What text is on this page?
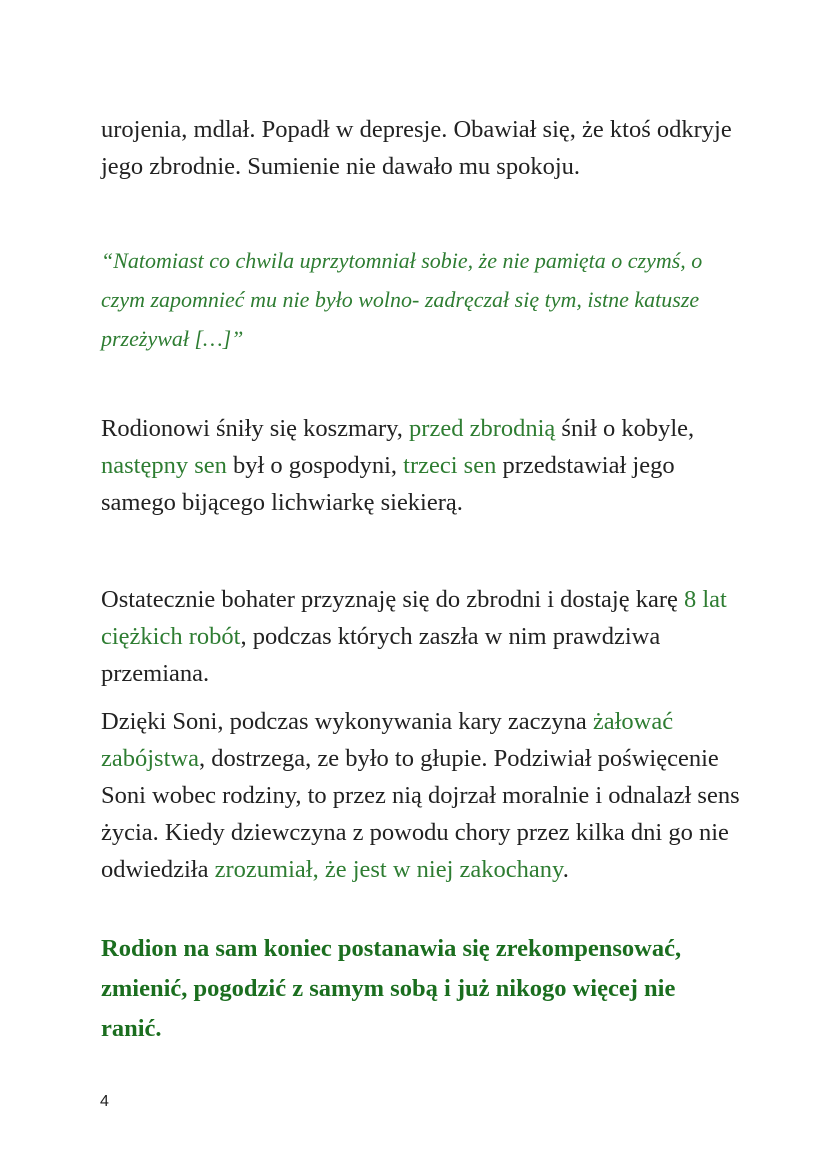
urojenia, mdlał. Popadł w depresje. Obawiał się, że ktoś odkryje jego zbrodnie. Sumienie nie dawało mu spokoju.

“Natomiast co chwila uprzytomniał sobie, że nie pamięta o czymś, o
czym zapomnieć mu nie było wolno- zadręczał się tym, istne katusze
przeżywał […]”

Rodionowi śniły się koszmary, przed zbrodnią śnił o kobyle, następny sen był o gospodyni, trzeci sen przedstawiał jego samego bijącego lichwiarkę siekierą.

Ostatecznie bohater przyznaję się do zbrodni i dostaję karę 8 lat ciężkich robót, podczas których zaszła w nim prawdziwa przemiana.

Dzięki Soni, podczas wykonywania kary zaczyna żałować zabójstwa, dostrzega, ze było to głupie. Podziwiał poświęcenie Soni wobec rodziny, to przez nią dojrzał moralnie i odnalazł sens życia. Kiedy dziewczyna z powodu chory przez kilka dni go nie odwiedziła zrozumiał, że jest w niej zakochany.

Rodion na sam koniec postanawia się zrekompensować, zmienić, pogodzić z samym sobą i już nikogo więcej nie ranić.

4
